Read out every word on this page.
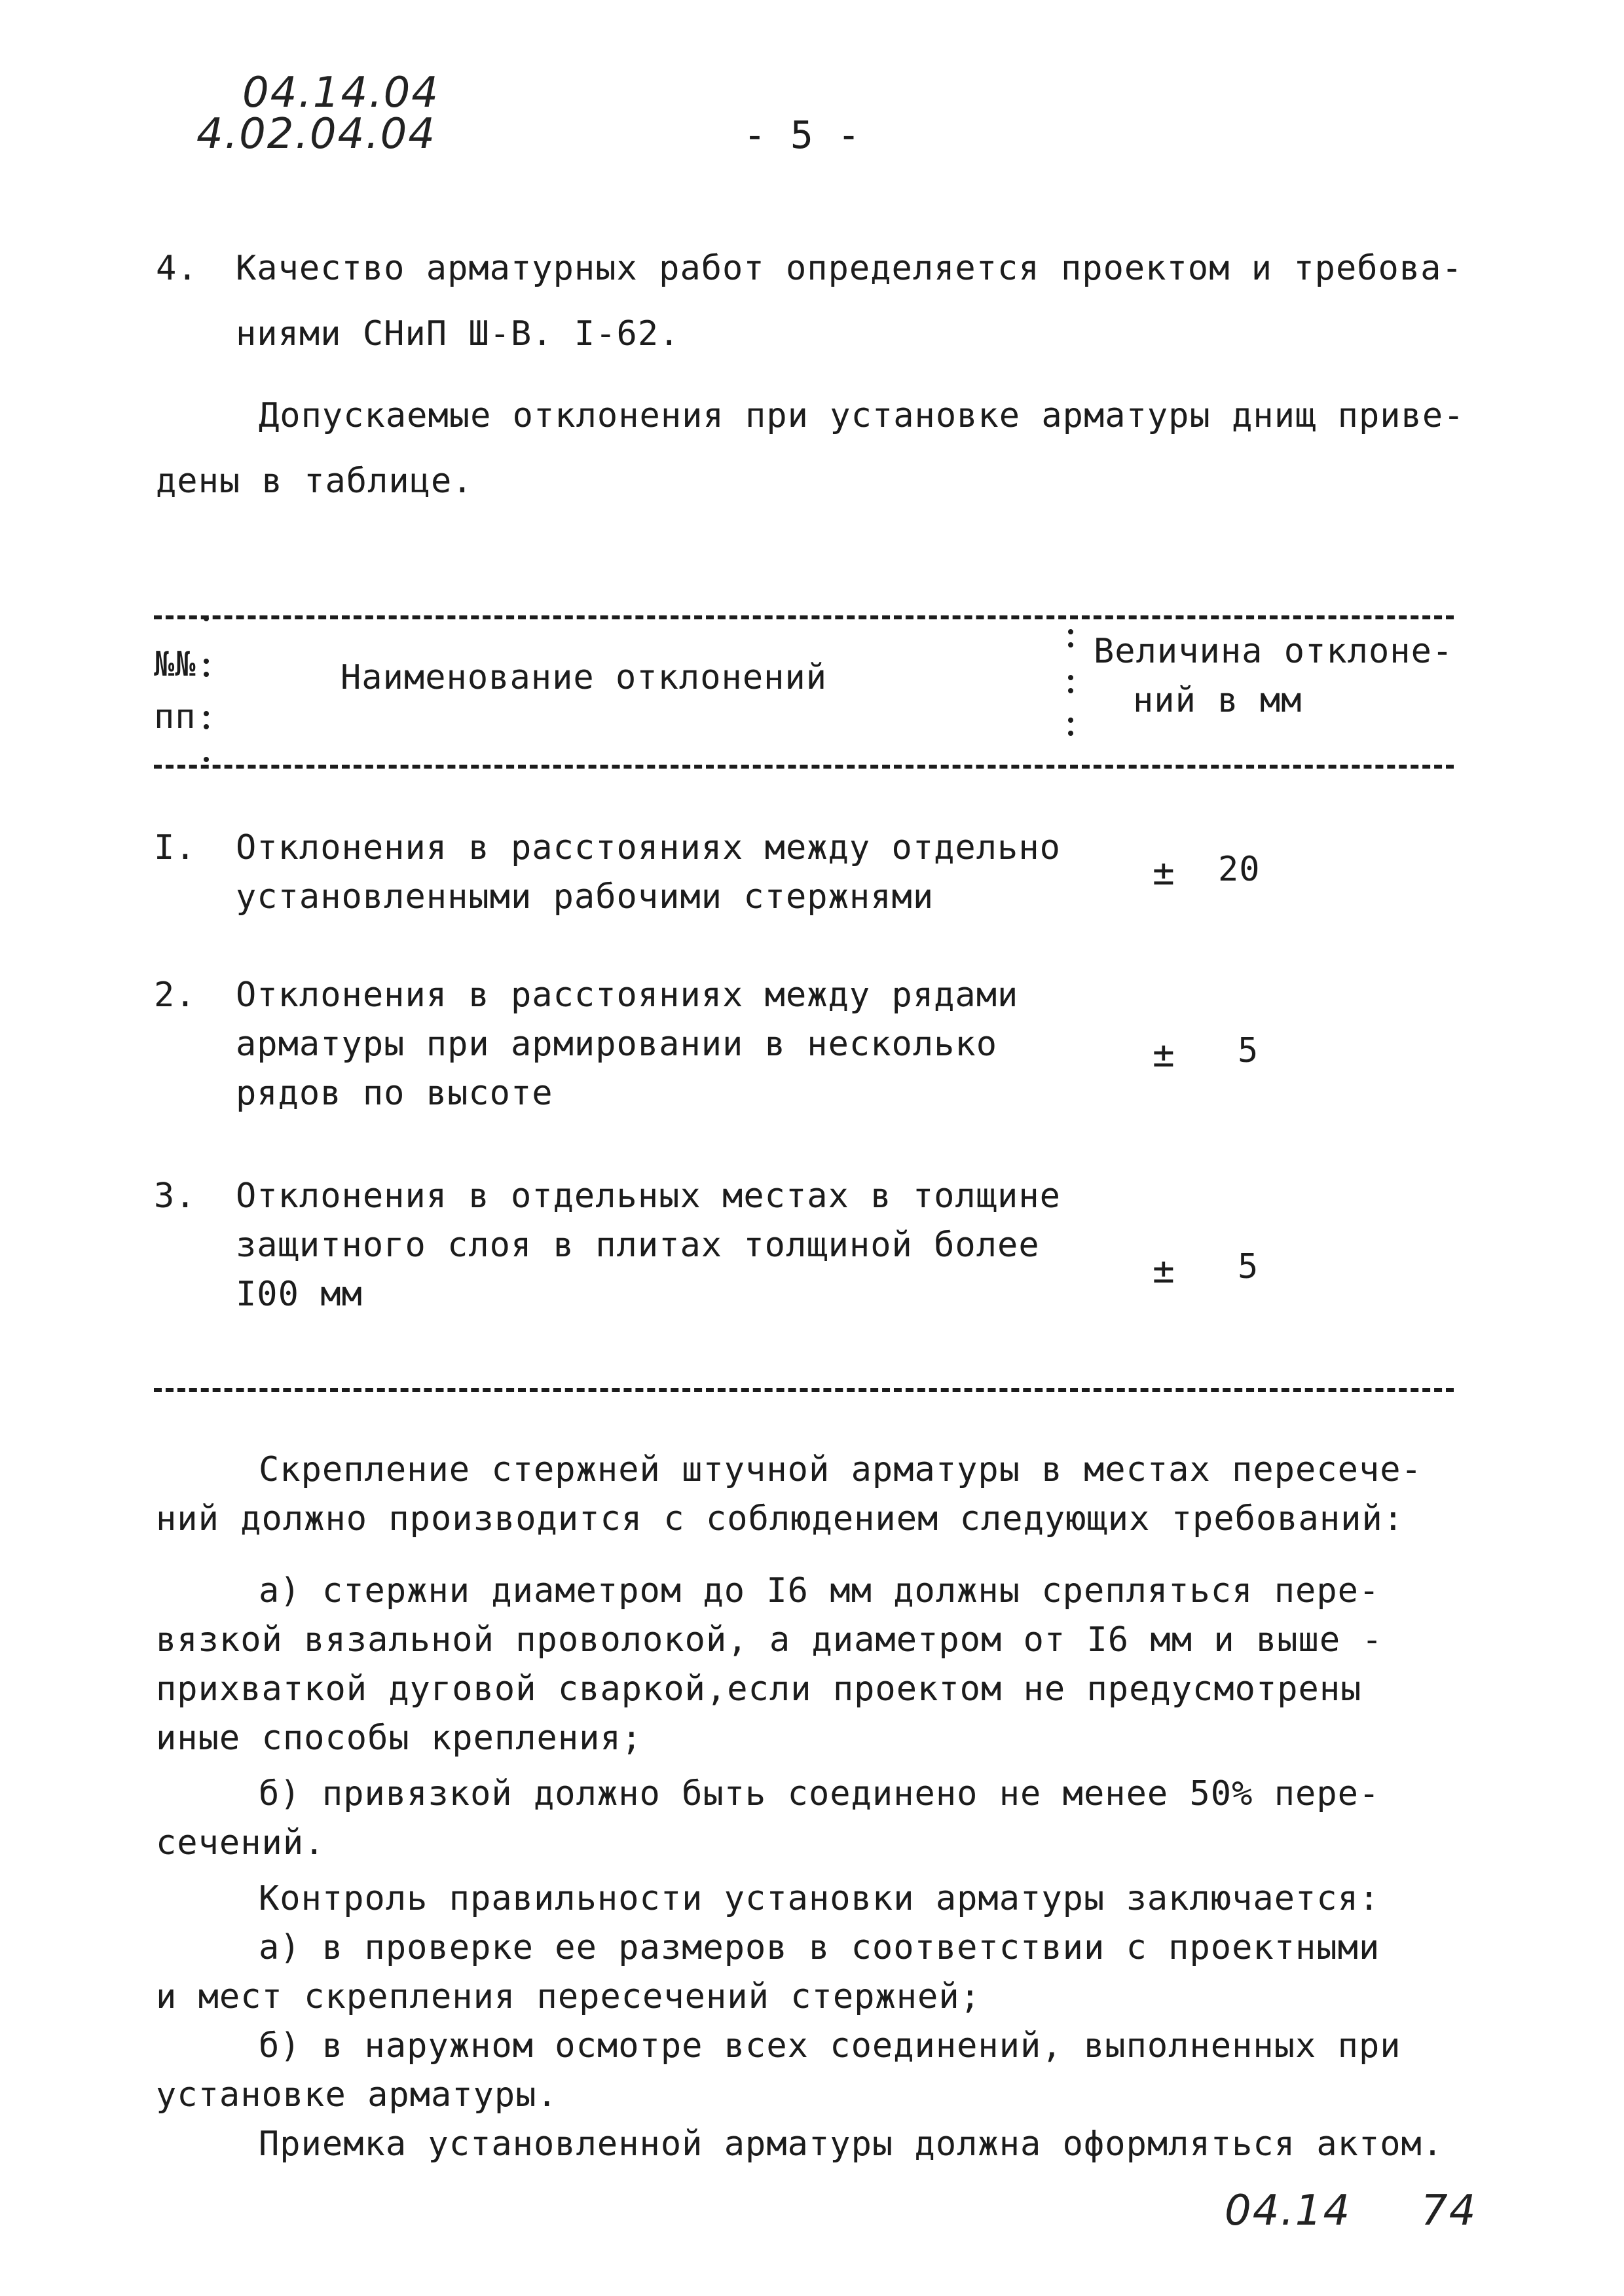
04.14.04
4.02.04.04	- 5 -
4. Качество арматурных работ определяется проектом и требова-
ниями СНиП Ш-В. I-62.
Допускаемые отклонения при установке арматуры днищ приве-
дены в таблице.
№№
пп
Наименование отклонений
Величина отклоне-
ний в мм
I. Отклонения в расстояниях между отдельно
установленными рабочими стержнями
± 20
2. Отклонения в расстояниях между рядами
арматуры при армировании в несколько
рядов по высоте
± 5
3. Отклонения в отдельных местах в толщине
защитного слоя в плитах толщиной более
I00 мм
± 5
Скрепление стержней штучной арматуры в местах пересече-
ний должно производится с соблюдением следующих требований:
а) стержни диаметром до I6 мм должны срепляться пере-
вязкой вязальной проволокой, а диаметром от I6 мм и выше -
прихваткой дуговой сваркой,если проектом не предусмотрены
иные способы крепления;
б) привязкой должно быть соединено не менее 50% пере-
сечений.
Контроль правильности установки арматуры заключается:
а) в проверке ее размеров в соответствии с проектными
и мест скрепления пересечений стержней;
б) в наружном осмотре всех соединений, выполненных при
установке арматуры.
Приемка установленной арматуры должна оформляться актом.
04.14 74
